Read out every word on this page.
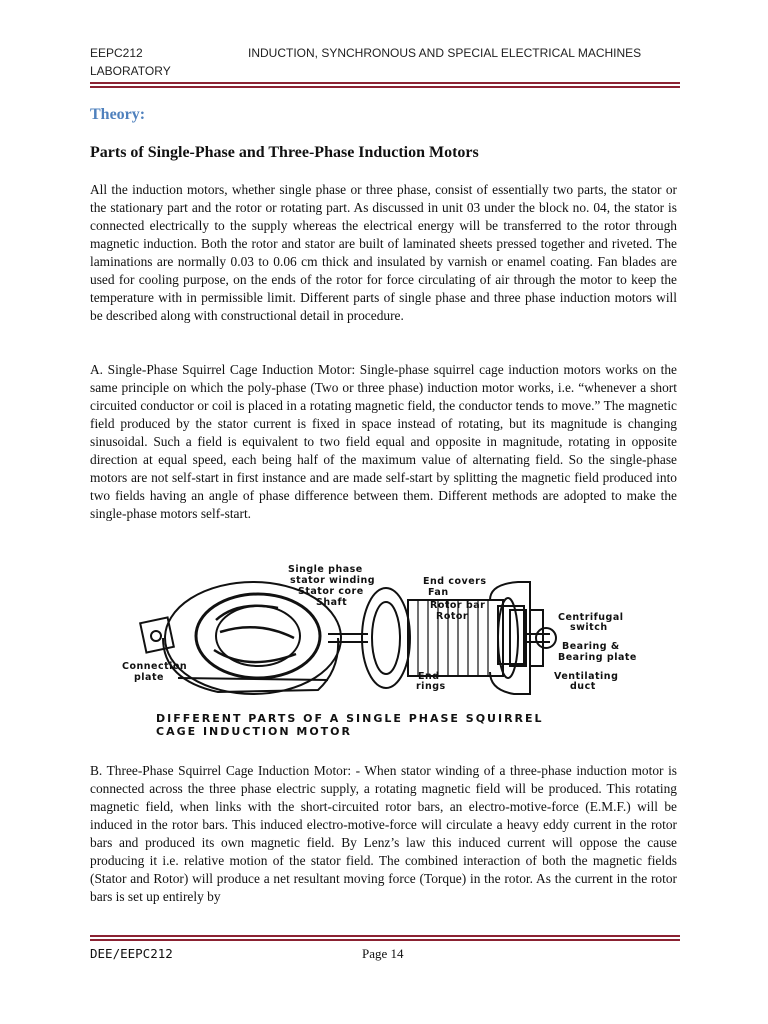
EEPC212	INDUCTION, SYNCHRONOUS AND SPECIAL ELECTRICAL MACHINES
LABORATORY
Theory:
Parts of Single-Phase and Three-Phase Induction Motors
All the induction motors, whether single phase or three phase, consist of essentially two parts, the stator or the stationary part and the rotor or rotating part. As discussed in unit 03 under the block no. 04, the stator is connected electrically to the supply whereas the electrical energy will be transferred to the rotor through magnetic induction. Both the rotor and stator are built of laminated sheets pressed together and riveted. The laminations are normally 0.03 to 0.06 cm thick and insulated by varnish or enamel coating. Fan blades are used for cooling purpose, on the ends of the rotor for force circulating of air through the motor to keep the temperature with in permissible limit. Different parts of single phase and three phase induction motors will be described along with constructional detail in procedure.
A. Single-Phase Squirrel Cage Induction Motor: Single-phase squirrel cage induction motors works on the same principle on which the poly-phase (Two or three phase) induction motor works, i.e. “whenever a short circuited conductor or coil is placed in a rotating magnetic field, the conductor tends to move.” The magnetic field produced by the stator current is fixed in space instead of rotating, but its magnitude is changing sinusoidal. Such a field is equivalent to two field equal and opposite in magnitude, rotating in opposite direction at equal speed, each being half of the maximum value of alternating field. So the single-phase motors are not self-start in first instance and are made self-start by splitting the magnetic field produced into two fields having an angle of phase difference between them. Different methods are adopted to make the single-phase motors self-start.
Single phase
stator winding
Stator core
Shaft
End covers
Fan
Rotor bar
Rotor	Centrifugal
switch
Bearing &
Bearing plate
Connection
plate	End
rings
Ventilating
duct
DIFFERENT PARTS OF A SINGLE PHASE SQUIRREL
CAGE INDUCTION MOTOR
B. Three-Phase Squirrel Cage Induction Motor: - When stator winding of a three-phase induction motor is connected across the three phase electric supply, a rotating magnetic field will be produced. This rotating magnetic field, when links with the short-circuited rotor bars, an electro-motive-force (E.M.F.) will be induced in the rotor bars. This induced electro-motive-force will circulate a heavy eddy current in the rotor bars and produced its own magnetic field. By Lenz’s law this induced current will oppose the cause producing it i.e. relative motion of the stator field. The combined interaction of both the magnetic fields (Stator and Rotor) will produce a net resultant moving force (Torque) in the rotor. As the current in the rotor bars is set up entirely by
DEE/EEPC212	Page 14
